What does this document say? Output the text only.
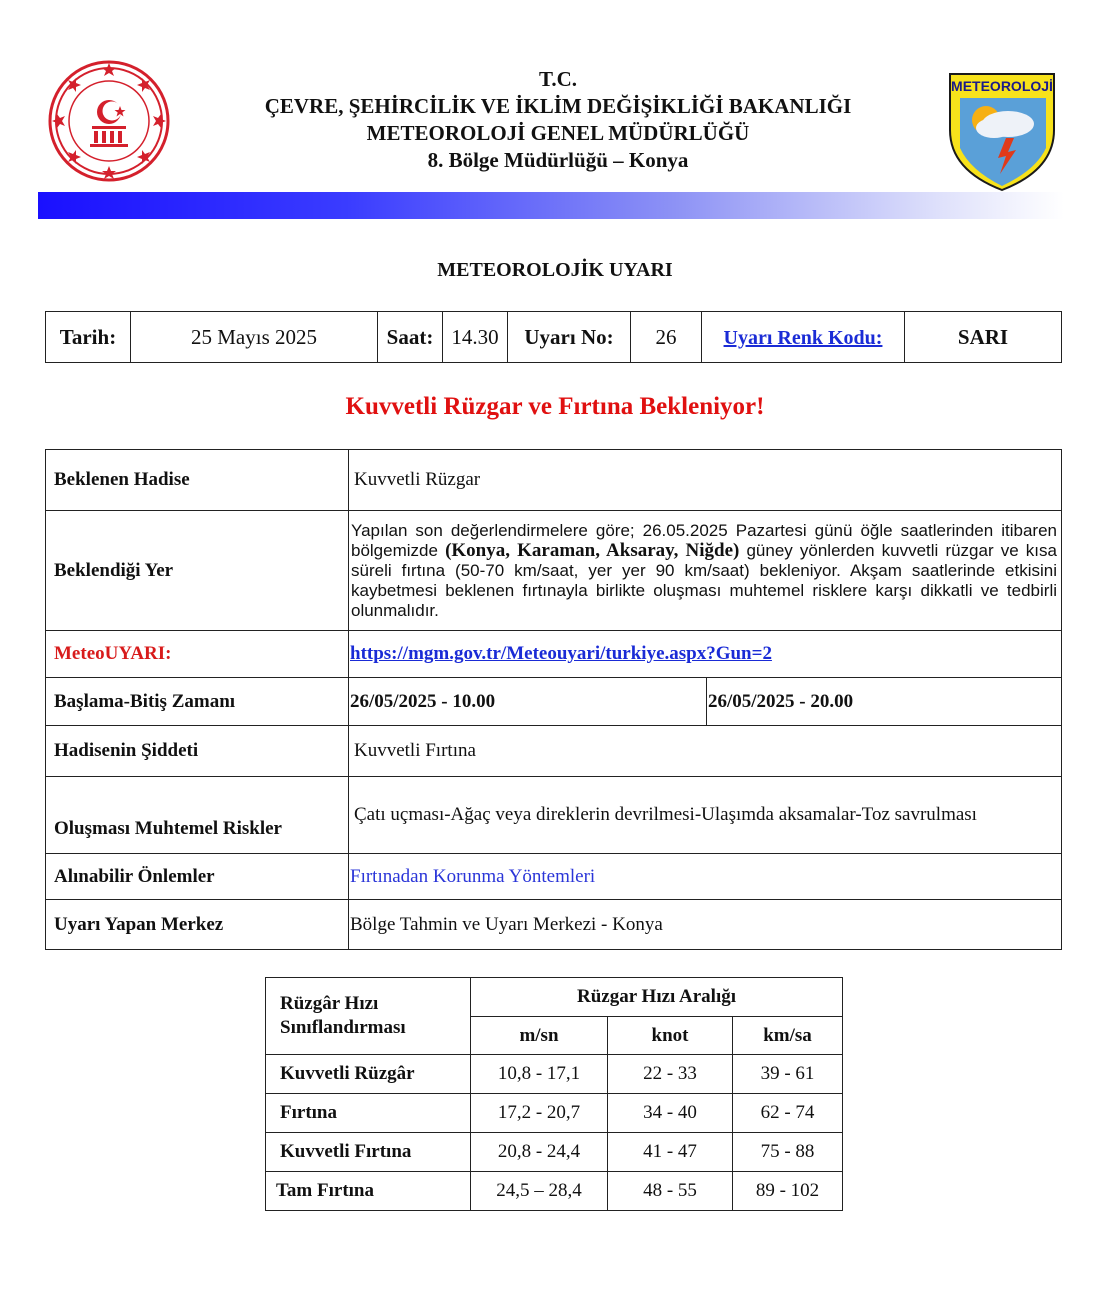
T.C.
ÇEVRE, ŞEHİRCİLİK VE İKLİM DEĞİŞİKLİĞİ BAKANLIĞI
METEOROLOJİ GENEL MÜDÜRLÜĞÜ
8. Bölge Müdürlüğü – Konya
METEOROLOJİ
METEOROLOJİK UYARI
Tarih:	25 Mayıs 2025	Saat:	14.30	Uyarı No:	26	Uyarı Renk Kodu:	SARI
Kuvvetli Rüzgar ve Fırtına Bekleniyor!
Beklenen Hadise	Kuvvetli Rüzgar	
Beklendiği Yer	Yapılan son değerlendirmelere göre; 26.05.2025 Pazartesi günü öğle saatlerinden itibaren bölgemizde (Konya, Karaman, Aksaray, Niğde) güney yönlerden kuvvetli rüzgar ve kısa süreli fırtına (50-70 km/saat, yer yer 90 km/saat) bekleniyor. Akşam saatlerinde etkisini kaybetmesi beklenen fırtınayla birlikte oluşması muhtemel risklere karşı dikkatli ve tedbirli olunmalıdır.	
MeteoUYARI:	https://mgm.gov.tr/Meteouyari/turkiye.aspx?Gun=2	
Başlama-Bitiş Zamanı	26/05/2025 - 10.00	26/05/2025 - 20.00
Hadisenin Şiddeti	Kuvvetli Fırtına	
Oluşması Muhtemel Riskler	Çatı uçması-Ağaç veya direklerin devrilmesi-Ulaşımda aksamalar-Toz savrulması	
Alınabilir Önlemler	Fırtınadan Korunma Yöntemleri	
Uyarı Yapan Merkez	Bölge Tahmin ve Uyarı Merkezi - Konya	
Rüzgâr Hızı Sınıflandırması	Rüzgar Hızı Aralığı		
	m/sn	knot	km/sa
Kuvvetli Rüzgâr	10,8 - 17,1	22 - 33	39 - 61
Fırtına	17,2 - 20,7	34 - 40	62 - 74
Kuvvetli Fırtına	20,8 - 24,4	41 - 47	75 - 88
Tam Fırtına	24,5 – 28,4	48 - 55	89 - 102
